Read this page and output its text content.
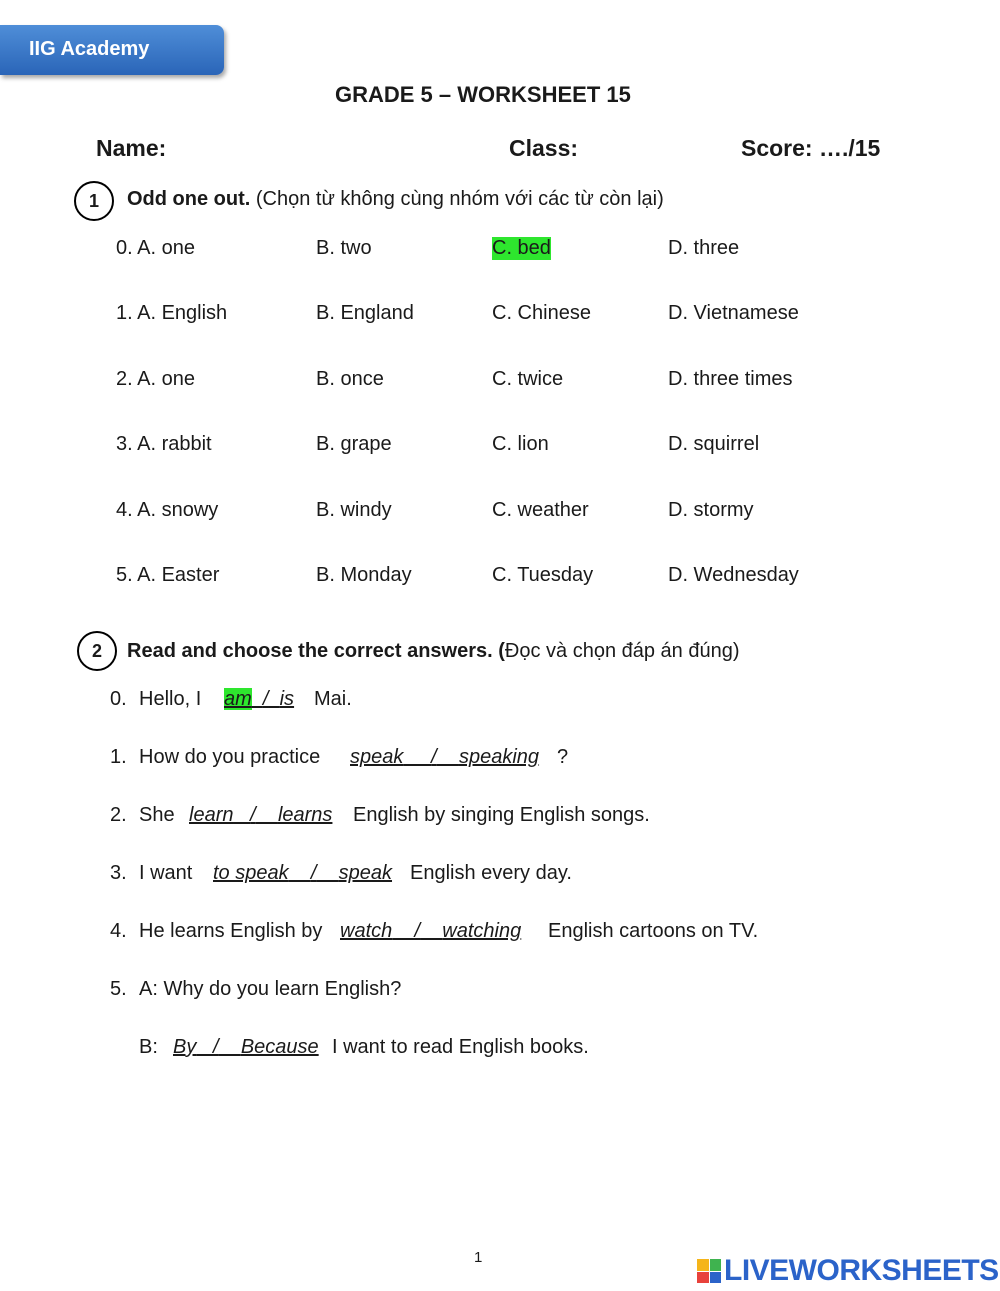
IIG Academy
GRADE 5 – WORKSHEET 15
Name:	Class:	Score: …./15
1	Odd one out. (Chọn từ không cùng nhóm với các từ còn lại)
0. A. one	B. two	C. bed	D. three
1. A. English	B. England	C. Chinese	D. Vietnamese
2. A. one	B. once	C. twice	D. three times
3. A. rabbit	B. grape	C. lion	D. squirrel
4. A. snowy	B. windy	C. weather	D. stormy
5. A. Easter	B. Monday	C. Tuesday	D. Wednesday
2	Read and choose the correct answers. (Đọc và chọn đáp án đúng)
0. Hello, I am / is Mai.
1. How do you practice speak / speaking ?
2. She learn / learns English by singing English songs.
3. I want to speak / speak English every day.
4. He learns English by watch / watching English cartoons on TV.
5. A: Why do you learn English?
B: By / Because I want to read English books.
1	LIVEWORKSHEETS
